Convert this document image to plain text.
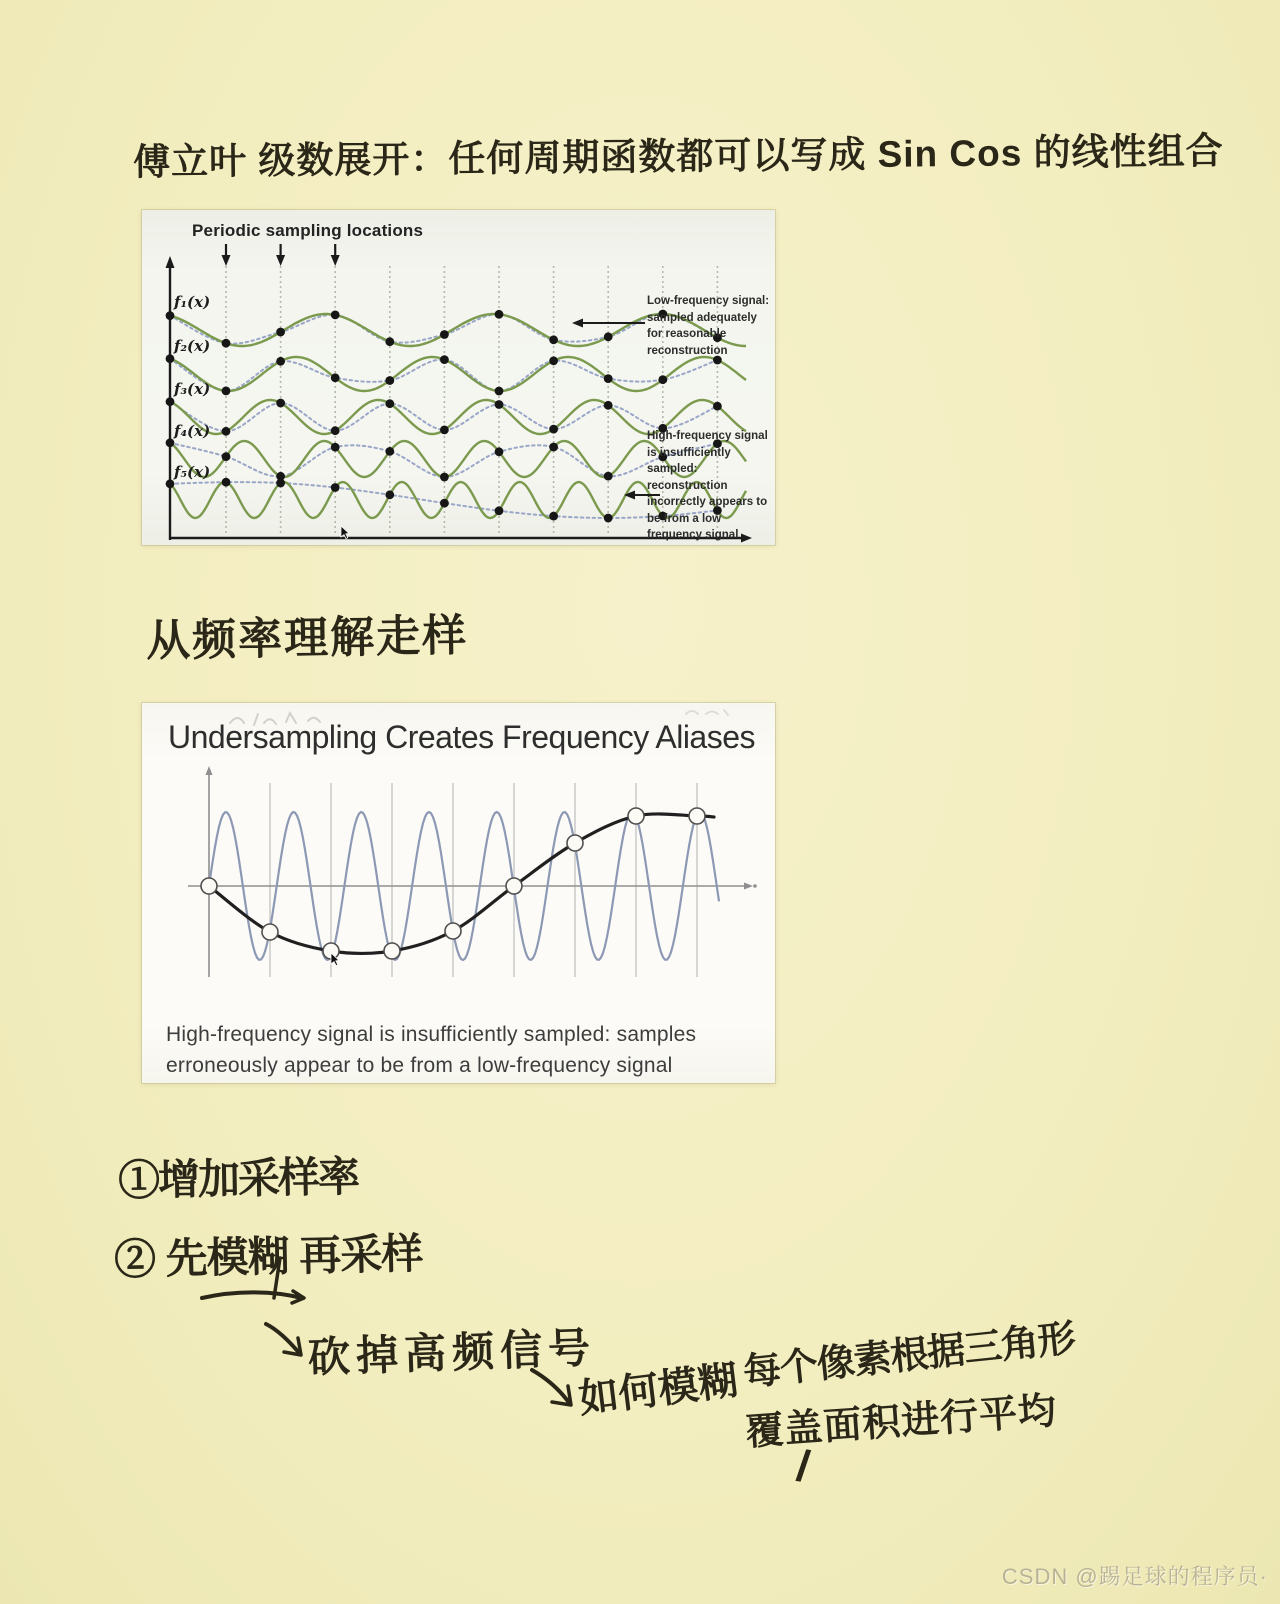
傅立叶 级数展开：任何周期函数都可以写成 Sin Cos 的线性组合
Periodic sampling locations
f₁(x)
f₂(x)
f₃(x)
f₄(x)
f₅(x)
Low-frequency signal:
sampled adequately
for reasonable
reconstruction
High-frequency signal
is insufficiently
sampled:
reconstruction
incorrectly appears to
be from a low
frequency signal
从频率理解走样
Undersampling Creates Frequency Aliases
High-frequency signal is insufficiently sampled: samples
erroneously appear to be from a low-frequency signal
①增加采样率
② 先模糊 再采样
砍掉高频信号
如何模糊 每个像素根据三角形
覆盖面积进行平均
/
CSDN @踢足球的程序员·
